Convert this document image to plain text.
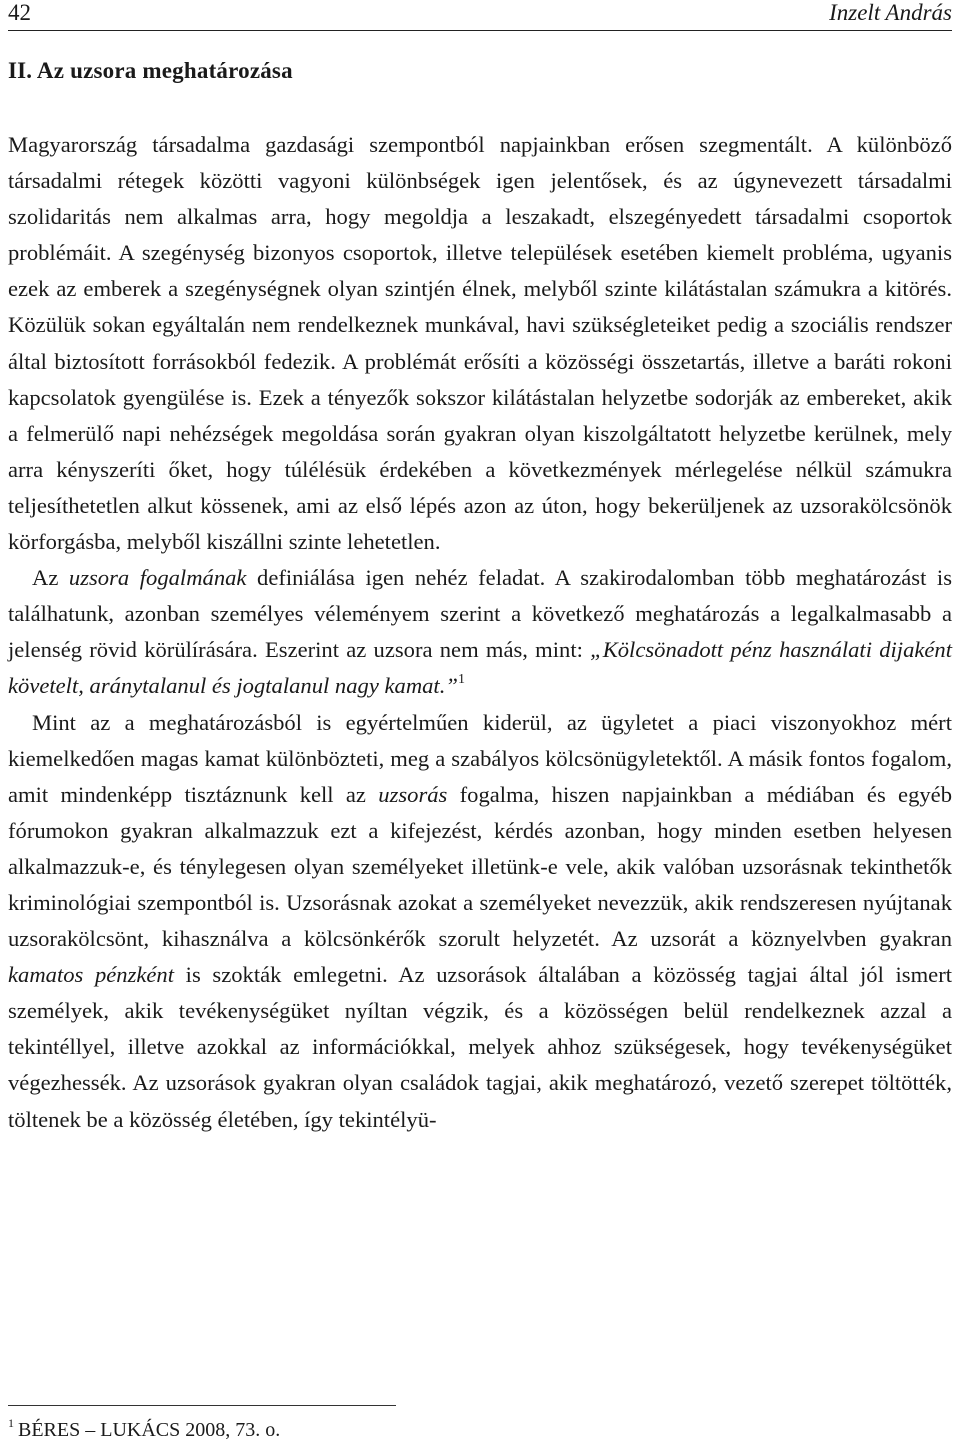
42	Inzelt András
II. Az uzsora meghatározása

Magyarország társadalma gazdasági szempontból napjainkban erősen szegmentált. A különböző társadalmi rétegek közötti vagyoni különbségek igen jelentősek, és az úgynevezett társadalmi szolidaritás nem alkalmas arra, hogy megoldja a leszakadt, elszegényedett társadalmi csoportok problémáit. A szegénység bizonyos csoportok, illetve települések esetében kiemelt probléma, ugyanis ezek az emberek a szegénységnek olyan szintjén élnek, melyből szinte kilátástalan számukra a kitörés. Közülük sokan egyáltalán nem rendelkeznek munkával, havi szükségleteiket pedig a szociális rendszer által biztosított forrásokból fedezik. A problémát erősíti a közösségi összetartás, illetve a baráti rokoni kapcsolatok gyengülése is. Ezek a tényezők sokszor kilátástalan helyzetbe sodorják az embereket, akik a felmerülő napi nehézségek megoldása során gyakran olyan kiszolgáltatott helyzetbe kerülnek, mely arra kényszeríti őket, hogy túlélésük érdekében a következmények mérlegelése nélkül számukra teljesíthetetlen alkut kössenek, ami az első lépés azon az úton, hogy bekerüljenek az uzsorakölcsönök körforgásba, melyből kiszállni szinte lehetetlen.

Az uzsora fogalmának definiálása igen nehéz feladat. A szakirodalomban több meghatározást is találhatunk, azonban személyes véleményem szerint a következő meghatározás a legalkalmasabb a jelenség rövid körülírására. Eszerint az uzsora nem más, mint: „Kölcsönadott pénz használati dijaként követelt, aránytalanul és jogtalanul nagy kamat.”$^1$

Mint az a meghatározásból is egyértelműen kiderül, az ügyletet a piaci viszonyokhoz mért kiemelkedően magas kamat különbözteti, meg a szabályos kölcsönügyletektől. A másik fontos fogalom, amit mindenképp tisztáznunk kell az uzsorás fogalma, hiszen napjainkban a médiában és egyéb fórumokon gyakran alkalmazzuk ezt a kifejezést, kérdés azonban, hogy minden esetben helyesen alkalmazzuk-e, és ténylegesen olyan személyeket illetünk-e vele, akik valóban uzsorásnak tekinthetők kriminológiai szempontból is. Uzsorásnak azokat a személyeket nevezzük, akik rendszeresen nyújtanak uzsorakölcsönt, kihasználva a kölcsönkérők szorult helyzetét. Az uzsorát a köznyelvben gyakran kamatos pénzként is szokták emlegetni. Az uzsorások általában a közösség tagjai által jól ismert személyek, akik tevékenységüket nyíltan végzik, és a közösségen belül rendelkeznek azzal a tekintéllyel, illetve azokkal az információkkal, melyek ahhoz szükségesek, hogy tevékenységüket végezhessék. Az uzsorások gyakran olyan családok tagjai, akik meghatározó, vezető szerepet töltötték, töltenek be a közösség életében, így tekintélyü-

$^1$ BÉRES – LUKÁCS 2008, 73. o.
